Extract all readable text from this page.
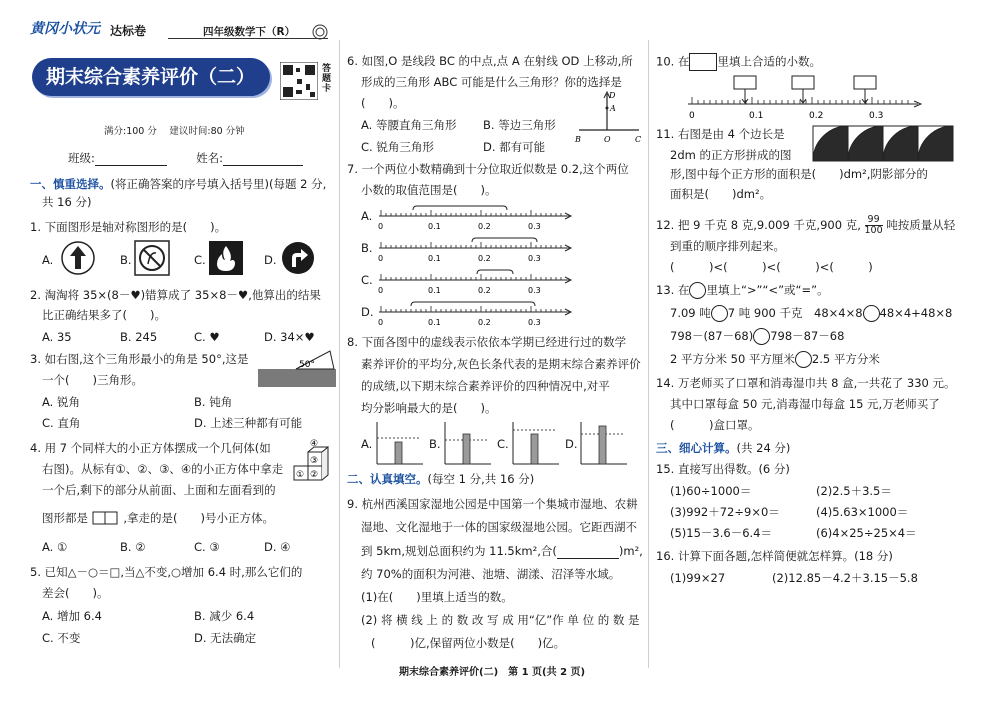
黄冈小状元 达标卷	四年级数学下（R）
期末综合素养评价（二）	答题卡
满分:100 分　 建议时间:80 分钟
班级:	姓名:
一、慎重选择。(将正确答案的序号填入括号里)(每题 2 分,
共 16 分)
1. 下面图形是轴对称图形的是(　　)。
A.	B.	C.	D.
2. 淘淘将 35×(8－♥)错算成了 35×8－♥,他算出的结果
比正确结果多了(　　)。
A. 35	B. 245	C. ♥	D. 34×♥
3. 如右图,这个三角形最小的角是 50°,这是
一个(　　)三角形。
50°
A. 锐角	B. 钝角
C. 直角	D. 上述三种都有可能
4. 用 7 个同样大的小正方体摆成一个几何体(如
右图)。从标有①、②、③、④的小正方体中拿走
一个后,剩下的部分从前面、上面和左面看到的
④
③
① ②
图形都是	,拿走的是(　　)号小正方体。
A. ①	B. ②	C. ③	D. ④
5. 已知△－○＝□,当△不变,○增加 6.4 时,那么它们的
差会(　　)。
A. 增加 6.4	B. 减少 6.4
C. 不变	D. 无法确定
6. 如图,O 是线段 BC 的中点,点 A 在射线 OD 上移动,所
形成的三角形 ABC 可能是什么三角形？你的选择是
(　　)。
A. 等腰直角三角形 B. 等边三角形
C. 锐角三角形	D. 都有可能
D
A
B	O	C
7. 一个两位小数精确到十分位取近似数是 0.2,这个两位
小数的取值范围是(　　)。
A.
0	0.1	0.2	0.3
B.
0	0.1	0.2	0.3
C.
0	0.1	0.2	0.3
D.
0	0.1	0.2	0.3
8. 下面各图中的虚线表示依依本学期已经进行过的数学
素养评价的平均分,灰色长条代表的是期末综合素养评价
的成绩,以下期末综合素养评价的四种情况中,对平
均分影响最大的是(　　)。
A.	B.	C.	D.
二、认真填空。(每空 1 分,共 16 分)
9. 杭州西溪国家湿地公园是中国第一个集城市湿地、农耕
湿地、文化湿地于一体的国家级湿地公园。它距西湖不
到 5km,规划总面积约为 11.5km²,合(	)m²,
约 70%的面积为河港、池塘、湖漾、沼泽等水域。
(1)在(　　)里填上适当的数。
(2) 将 横 线 上 的 数 改 写 成 用“亿”作 单 位 的 数 是
(　　　)亿,保留两位小数是(　　)亿。
期末综合素养评价(二)　第 1 页(共 2 页)
10. 在 里填上合适的小数。
0	0.1	0.2	0.3
11. 右图是由 4 个边长是
2dm 的正方形拼成的图
形,图中每个正方形的面积是(　　)dm²,阴影部分的
面积是(　　)dm²。
12. 把 9 千克 8 克,9.009 千克,900 克, $\frac{99}{100}$ 吨按质量从轻
到重的顺序排列起来。
(　　　)<(　　　)<(　　　)<(　　　)
13. 在 里填上“>”“<”或“=”。
7.09 吨 7 吨 900 千克　48×4×8 48×4+48×8
798－(87－68) 798－87－68
2 平方分米 50 平方厘米 2.5 平方分米
14. 万老师买了口罩和消毒湿巾共 8 盒,一共花了 330 元。
其中口罩每盒 50 元,消毒湿巾每盒 15 元,万老师买了
(　　　)盒口罩。
三、细心计算。(共 24 分)
15. 直接写出得数。(6 分)
(1)60÷1000＝	(2)2.5＋3.5＝
(3)992＋72÷9×0＝	(4)5.63×1000＝
(5)15－3.6－6.4＝	(6)4×25÷25×4＝
16. 计算下面各题,怎样简便就怎样算。(18 分)
(1)99×27	(2)12.85－4.2＋3.15－5.8
